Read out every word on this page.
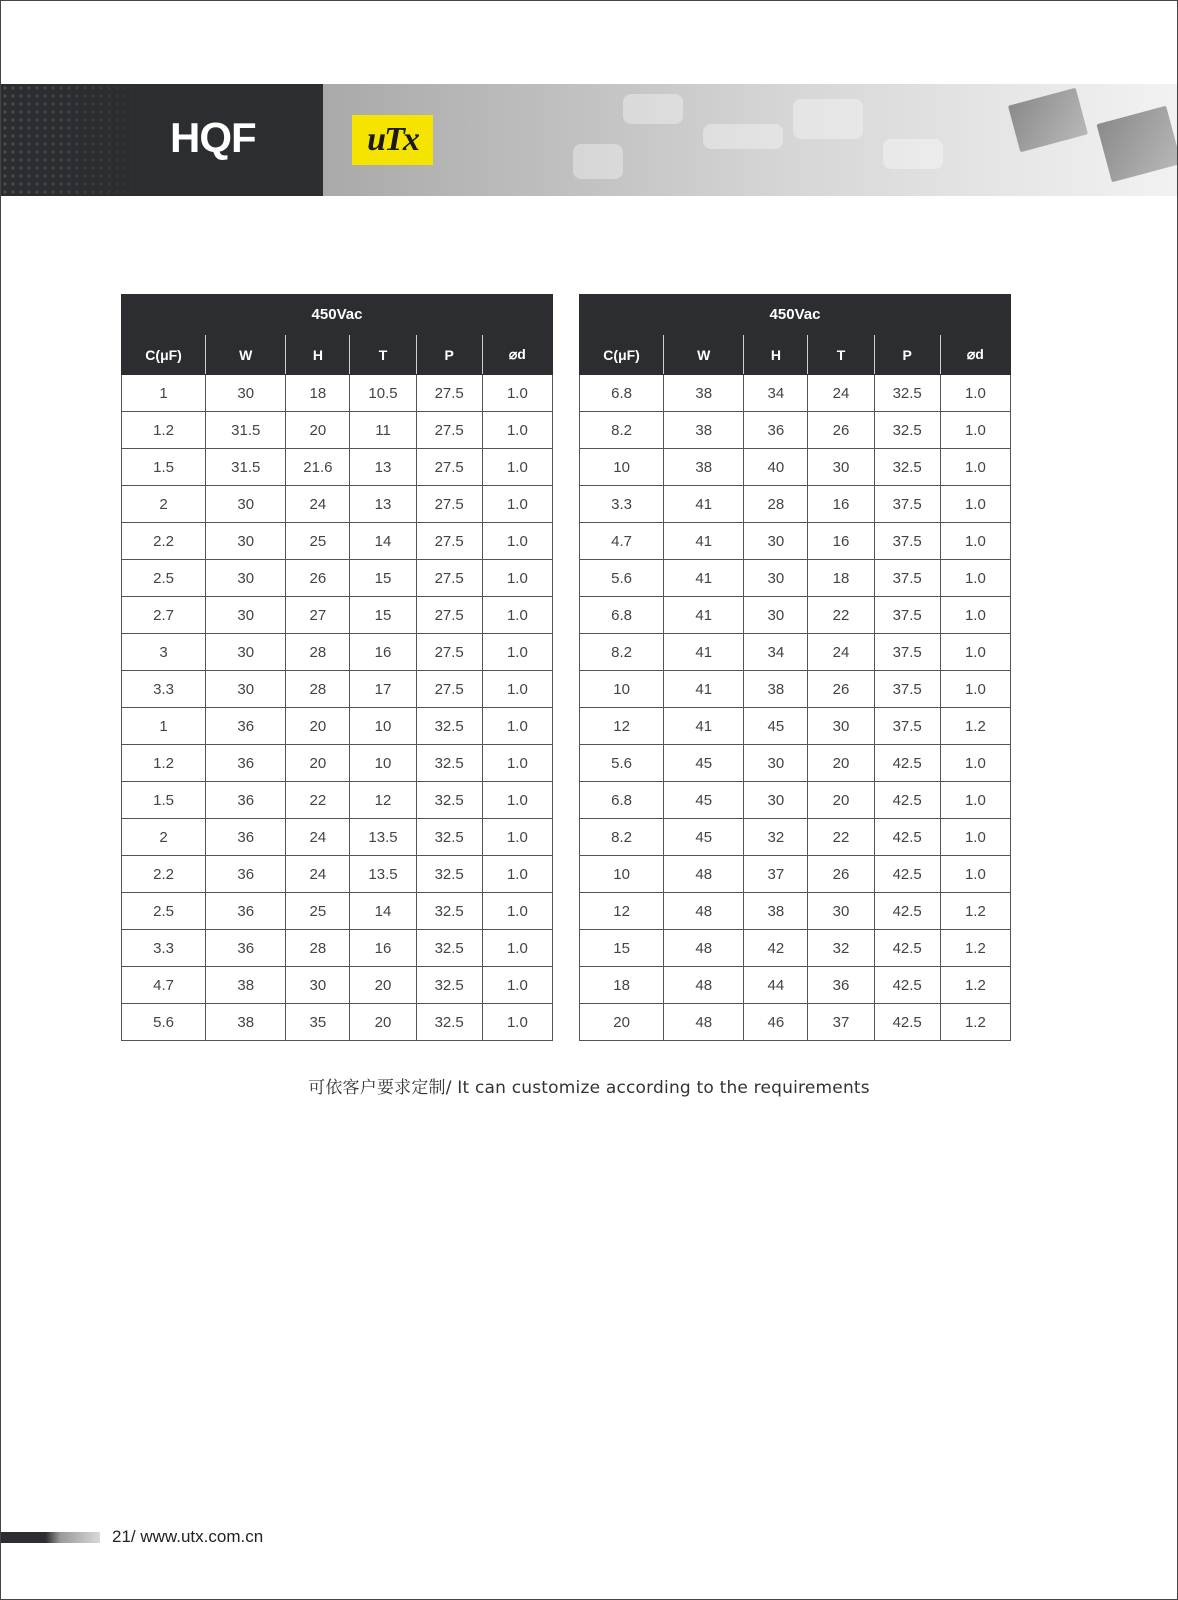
HQF	uTx
450Vac					
C(μF)	W	H	T	P	⌀d
1	30	18	10.5	27.5	1.0
1.2	31.5	20	11	27.5	1.0
1.5	31.5	21.6	13	27.5	1.0
2	30	24	13	27.5	1.0
2.2	30	25	14	27.5	1.0
2.5	30	26	15	27.5	1.0
2.7	30	27	15	27.5	1.0
3	30	28	16	27.5	1.0
3.3	30	28	17	27.5	1.0
1	36	20	10	32.5	1.0
1.2	36	20	10	32.5	1.0
1.5	36	22	12	32.5	1.0
2	36	24	13.5	32.5	1.0
2.2	36	24	13.5	32.5	1.0
2.5	36	25	14	32.5	1.0
3.3	36	28	16	32.5	1.0
4.7	38	30	20	32.5	1.0
5.6	38	35	20	32.5	1.0
450Vac					
C(μF)	W	H	T	P	⌀d
6.8	38	34	24	32.5	1.0
8.2	38	36	26	32.5	1.0
10	38	40	30	32.5	1.0
3.3	41	28	16	37.5	1.0
4.7	41	30	16	37.5	1.0
5.6	41	30	18	37.5	1.0
6.8	41	30	22	37.5	1.0
8.2	41	34	24	37.5	1.0
10	41	38	26	37.5	1.0
12	41	45	30	37.5	1.2
5.6	45	30	20	42.5	1.0
6.8	45	30	20	42.5	1.0
8.2	45	32	22	42.5	1.0
10	48	37	26	42.5	1.0
12	48	38	30	42.5	1.2
15	48	42	32	42.5	1.2
18	48	44	36	42.5	1.2
20	48	46	37	42.5	1.2
可依客户要求定制/ It can customize according to the requirements
21/ www.utx.com.cn
